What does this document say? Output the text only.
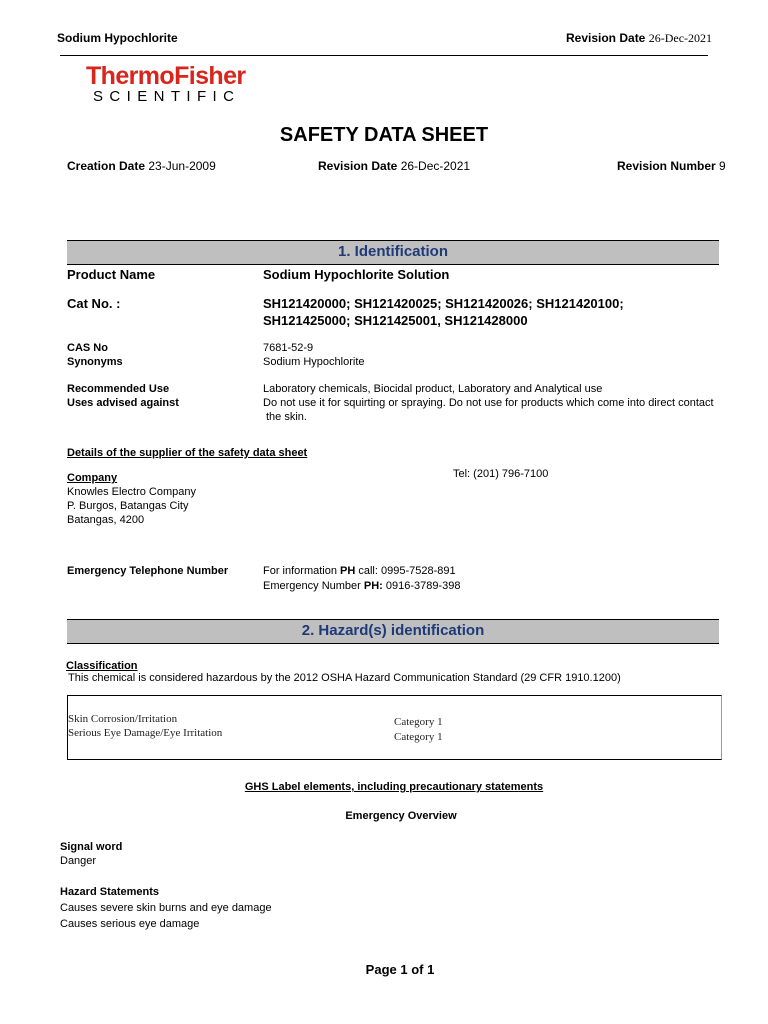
Sodium Hypochlorite	Revision Date 26-Dec-2021
ThermoFisher
SCIENTIFIC
SAFETY DATA SHEET
Creation Date 23-Jun-2009	Revision Date 26-Dec-2021	Revision Number 9
1. Identification
Product Name	Sodium Hypochlorite Solution
Cat No. :	SH121420000; SH121420025; SH121420026; SH121420100;
SH121425000; SH121425001, SH121428000
CAS No	7681-52-9
Synonyms	Sodium Hypochlorite
Recommended Use	Laboratory chemicals, Biocidal product, Laboratory and Analytical use
Uses advised against	Do not use it for squirting or spraying. Do not use for products which come into direct contact
the skin.
Details of the supplier of the safety data sheet
Company
Knowles Electro Company
P. Burgos, Batangas City
Batangas, 4200
Tel: (201) 796-7100
Emergency Telephone Number	For information PH call: 0995-7528-891
Emergency Number PH: 0916-3789-398
2. Hazard(s) identification
Classification
This chemical is considered hazardous by the 2012 OSHA Hazard Communication Standard (29 CFR 1910.1200)
Skin Corrosion/Irritation	Category 1
Serious Eye Damage/Eye Irritation	Category 1
GHS Label elements, including precautionary statements
Emergency Overview
Signal word
Danger
Hazard Statements
Causes severe skin burns and eye damage
Causes serious eye damage
Page 1 of 1
